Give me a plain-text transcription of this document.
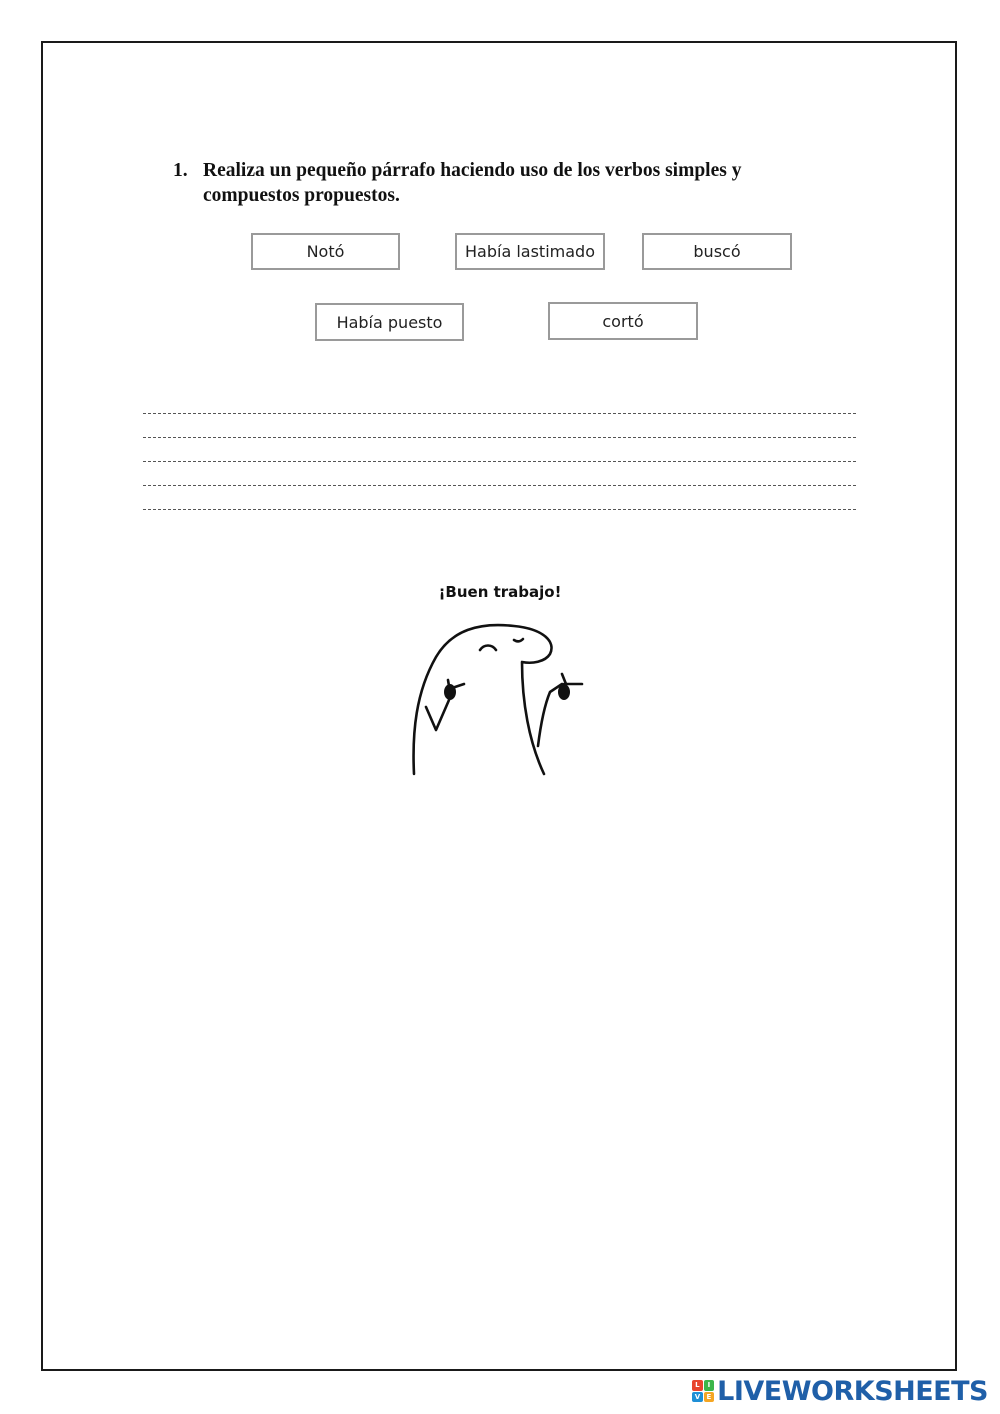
1. Realiza un pequeño párrafo haciendo uso de los verbos simples y compuestos propuestos.
Notó	Había lastimado	buscó
Había puesto	cortó
¡Buen trabajo!
L	I
V E LIVEWORKSHEETS
